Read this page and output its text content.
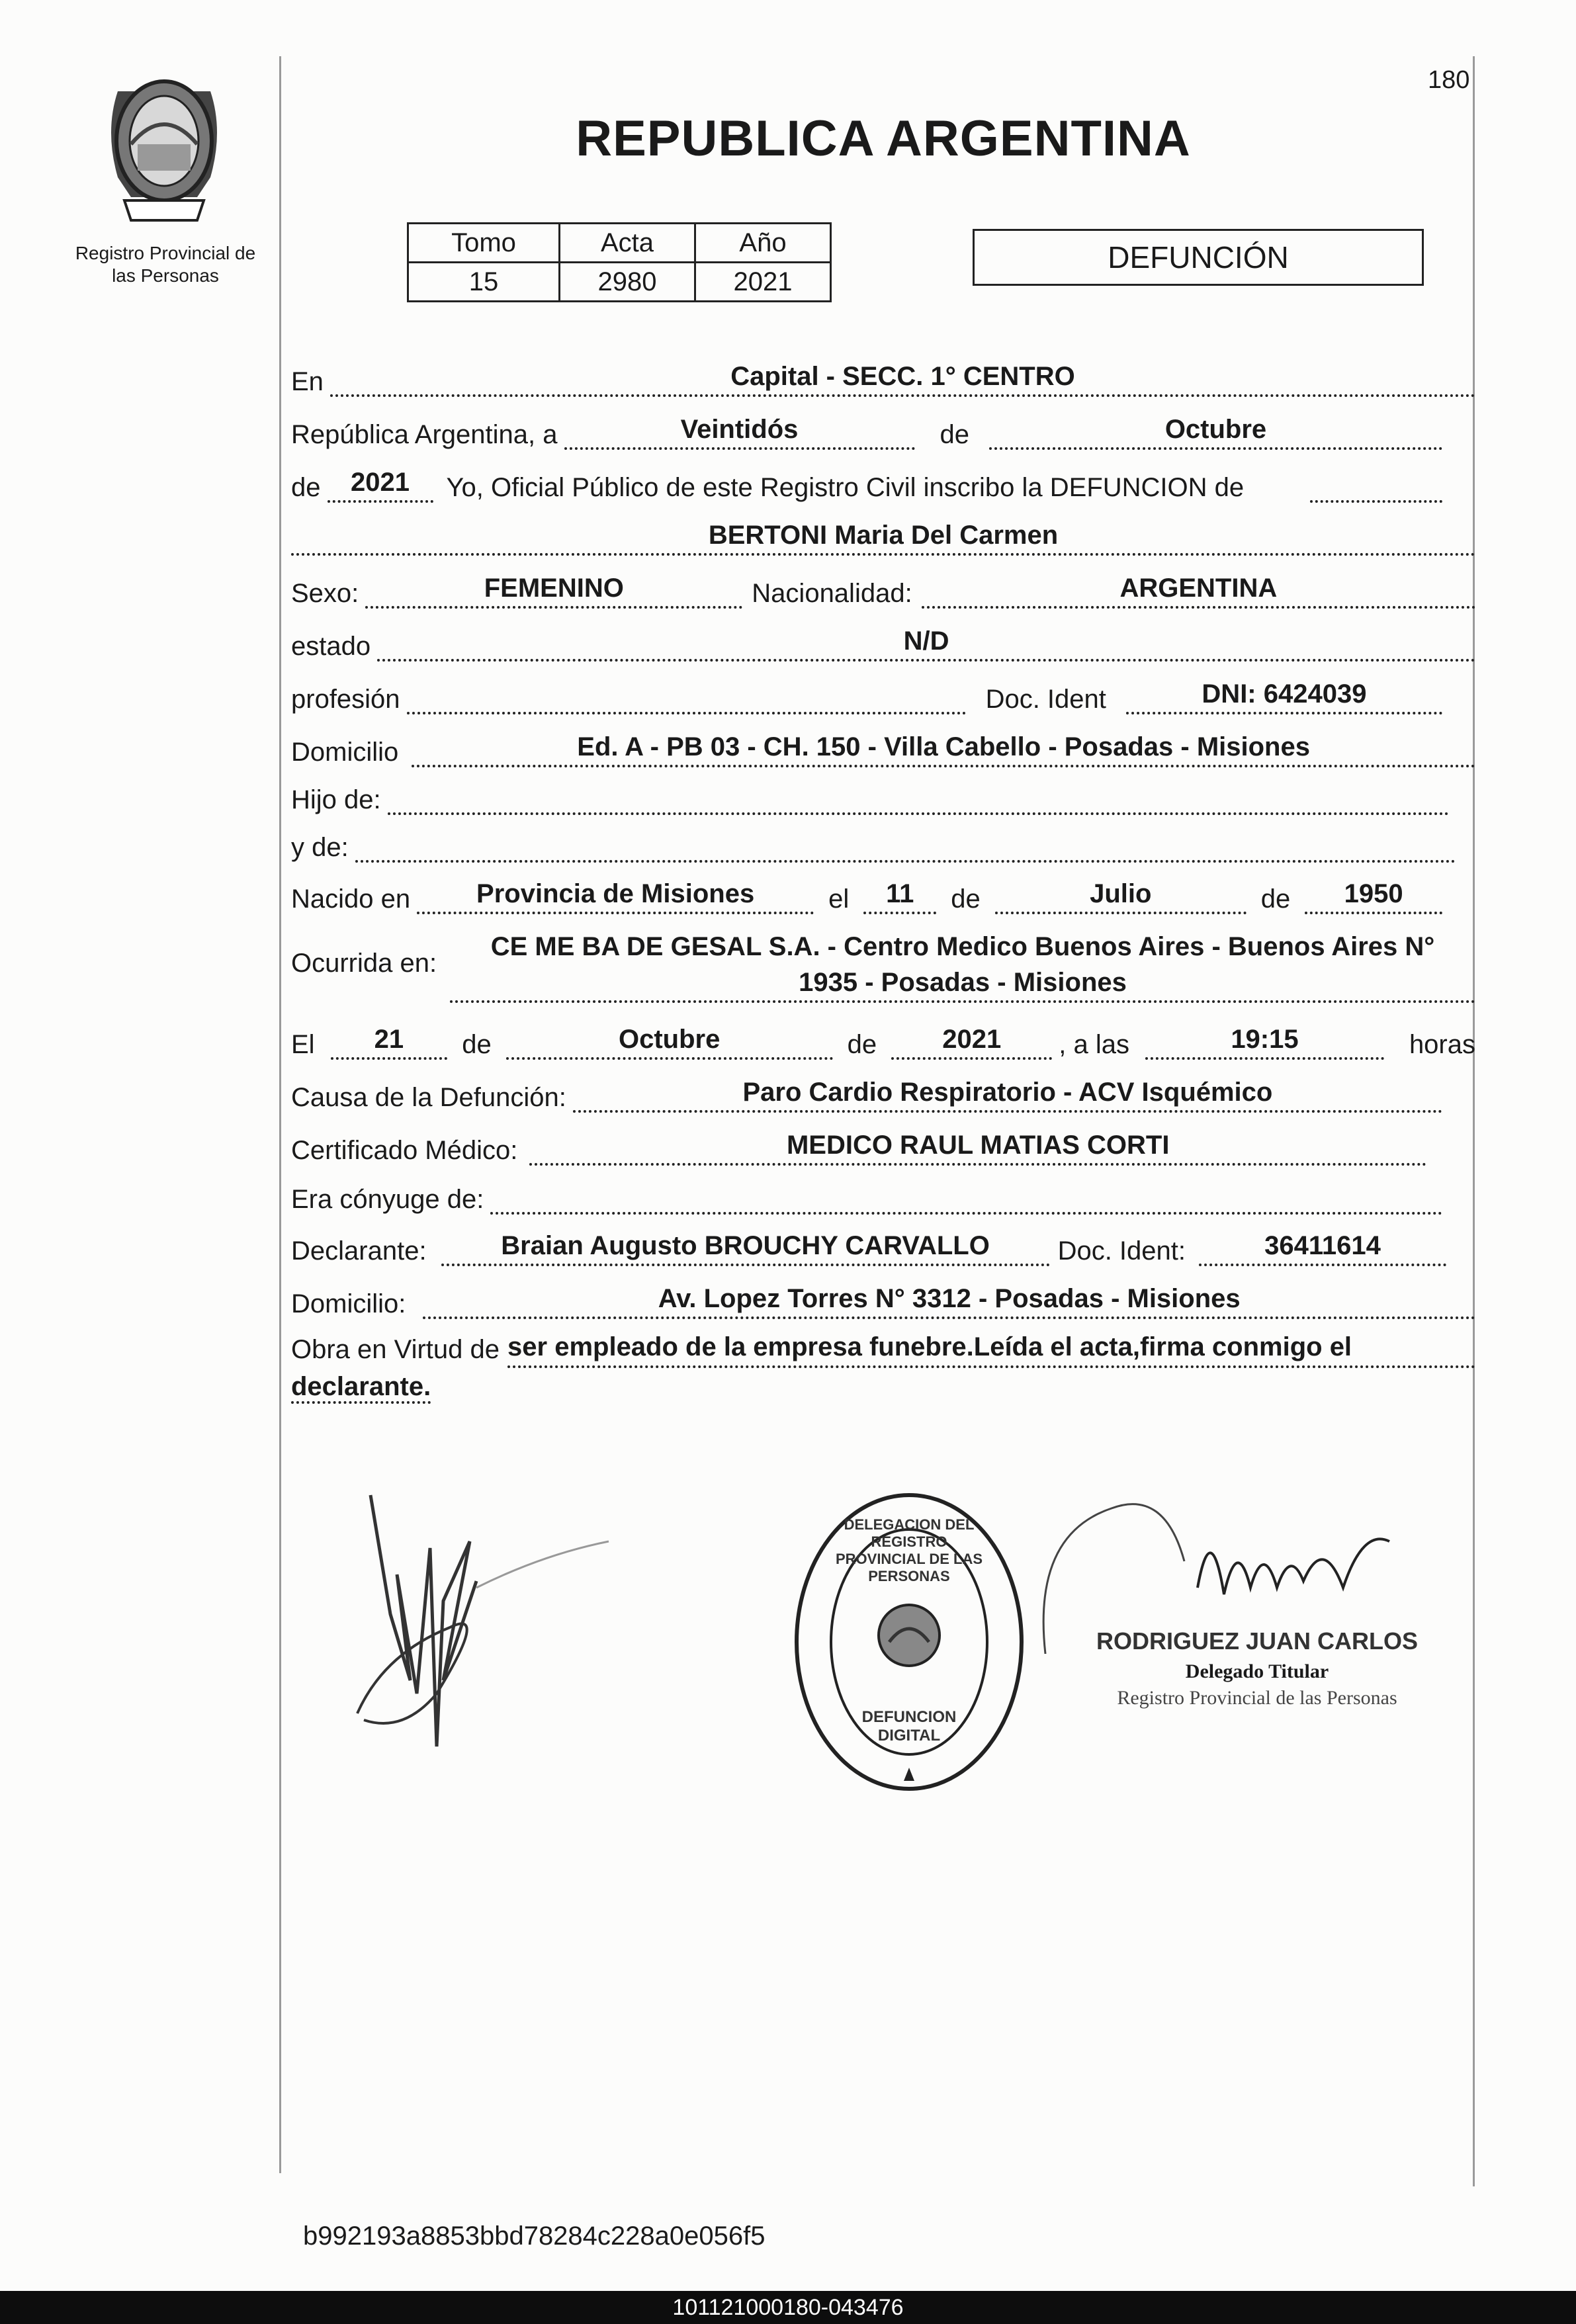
180
Registro Provincial de
las Personas
REPUBLICA ARGENTINA
Tomo	Acta	Año
15	2980	2021
DEFUNCIÓN
En	Capital - SECC. 1° CENTRO
República Argentina, a	Veintidós	de	Octubre
de	2021	Yo, Oficial Público de este Registro Civil inscribo la DEFUNCION de
BERTONI Maria Del Carmen
Sexo:	FEMENINO	Nacionalidad:	ARGENTINA
estado	N/D
profesión	Doc. Ident	DNI: 6424039
Domicilio	Ed. A - PB 03 - CH. 150 - Villa Cabello - Posadas - Misiones
Hijo de:
y de:
Nacido en	Provincia de Misiones	el	11	de	Julio	de	1950
Ocurrida en:
CE ME BA DE GESAL S.A. - Centro Medico Buenos Aires - Buenos Aires N°
1935 - Posadas - Misiones
El	21	de	Octubre	de	2021	, a las	19:15	horas
Causa de la Defunción:	Paro Cardio Respiratorio - ACV Isquémico
Certificado Médico:	MEDICO RAUL MATIAS CORTI
Era cónyuge de:
Declarante:	Braian Augusto BROUCHY CARVALLO	Doc. Ident:	36411614
Domicilio:	Av. Lopez Torres N° 3312 - Posadas - Misiones
Obra en Virtud de ser empleado de la empresa funebre.Leída el acta,firma conmigo el
declarante.
DELEGACION DEL REGISTRO PROVINCIAL DE LAS PERSONAS
DEFUNCION DIGITAL
RODRIGUEZ JUAN CARLOS
Delegado Titular
Registro Provincial de las Personas
b992193a8853bbd78284c228a0e056f5
101121000180-043476
